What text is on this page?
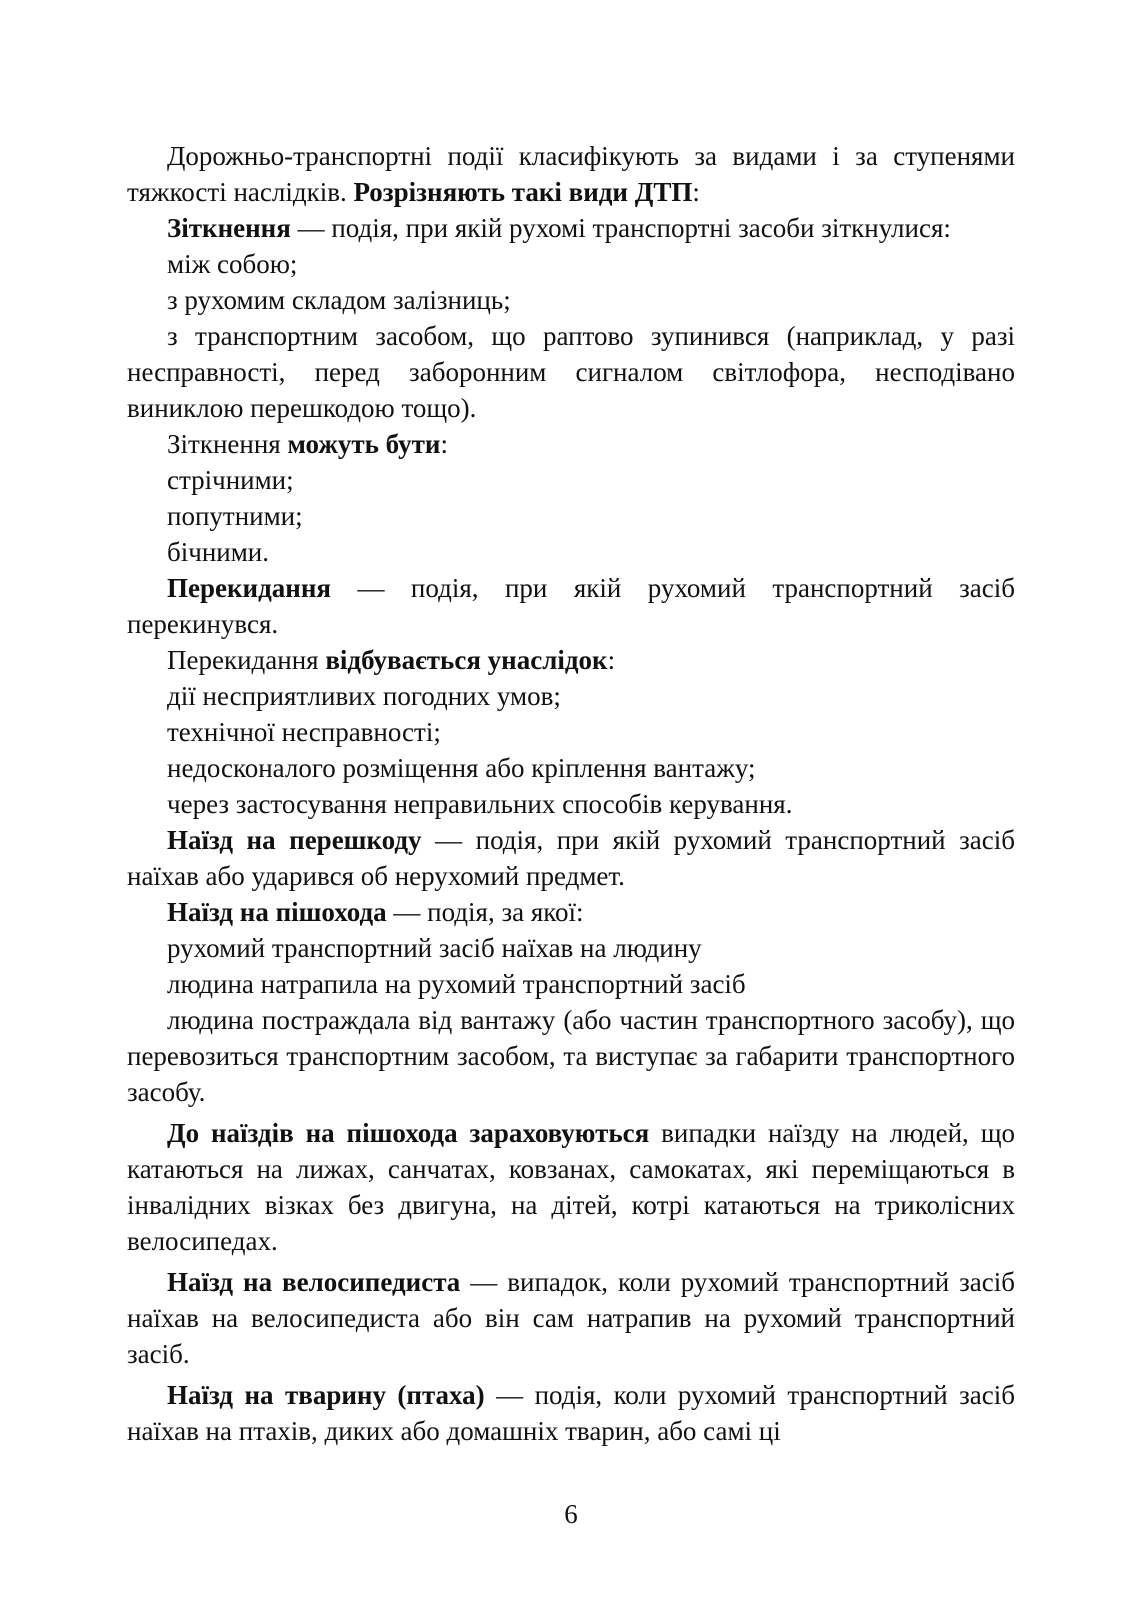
Дорожньо-транспортні події класифікують за видами і за ступенями тяжкості наслідків. Розрізняють такі види ДТП:

Зіткнення — подія, при якій рухомі транспортні засоби зіткнулися:

між собою;

з рухомим складом залізниць;

з транспортним засобом, що раптово зупинився (наприклад, у разі несправності, перед заборонним сигналом світлофора, несподівано виниклою перешкодою тощо).

Зіткнення можуть бути:

стрічними;

попутними;

бічними.

Перекидання — подія, при якій рухомий транспортний засіб перекинувся.

Перекидання відбувається унаслідок:

дії несприятливих погодних умов;

технічної несправності;

недосконалого розміщення або кріплення вантажу;

через застосування неправильних способів керування.

Наїзд на перешкоду — подія, при якій рухомий транспортний засіб наїхав або ударився об нерухомий предмет.

Наїзд на пішохода — подія, за якої:

рухомий транспортний засіб наїхав на людину

людина натрапила на рухомий транспортний засіб

людина постраждала від вантажу (або частин транспортного засобу), що перевозиться транспортним засобом, та виступає за габарити транспортного засобу.

До наїздів на пішохода зараховуються випадки наїзду на людей, що катаються на лижах, санчатах, ковзанах, самокатах, які переміщаються в інвалідних візках без двигуна, на дітей, котрі катаються на триколісних велосипедах.

Наїзд на велосипедиста — випадок, коли рухомий транспортний засіб наїхав на велосипедиста або він сам натрапив на рухомий транспортний засіб.

Наїзд на тварину (птаха) — подія, коли рухомий транспортний засіб наїхав на птахів, диких або домашніх тварин, або самі ці

6
